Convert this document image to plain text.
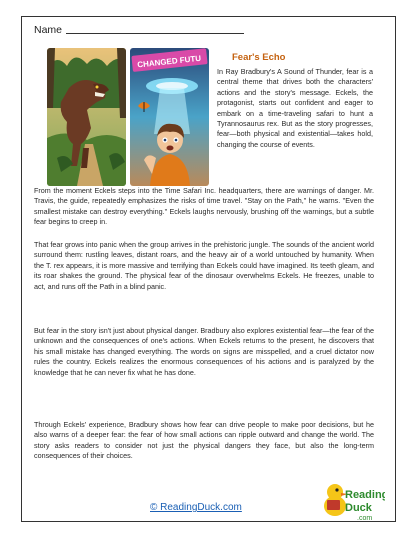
Name
CHANGED FUTU	Fear's Echo

In Ray Bradbury's A Sound of Thunder, fear is a central theme that drives both the characters' actions and the story's message. Eckels, the protagonist, starts out confident and eager to embark on a time-traveling safari to hunt a Tyrannosaurus rex. But as the story progresses, fear—both physical and existential—takes hold, changing the course of events.

From the moment Eckels steps into the Time Safari Inc. headquarters, there are warnings of danger. Mr. Travis, the guide, repeatedly emphasizes the risks of time travel. "Stay on the Path," he warns. "Even the smallest mistake can destroy everything." Eckels laughs nervously, brushing off the warnings, but a subtle fear begins to creep in.

That fear grows into panic when the group arrives in the prehistoric jungle. The sounds of the ancient world surround them: rustling leaves, distant roars, and the heavy air of a world untouched by humanity. When the T. rex appears, it is more massive and terrifying than Eckels could have imagined. Its teeth gleam, and its roar shakes the ground. The physical fear of the dinosaur overwhelms Eckels. He freezes, unable to act, and runs off the Path in a blind panic.

But fear in the story isn't just about physical danger. Bradbury also explores existential fear—the fear of the unknown and the consequences of one's actions. When Eckels returns to the present, he discovers that his small mistake has changed everything. The words on signs are misspelled, and a cruel dictator now rules the country. Eckels realizes the enormous consequences of his actions and is paralyzed by the knowledge that he can never fix what he has done.

Through Eckels' experience, Bradbury shows how fear can drive people to make poor decisions, but he also warns of a deeper fear: the fear of how small actions can ripple outward and change the world. The story asks readers to consider not just the physical dangers they face, but also the long-term consequences of their choices.

© ReadingDuck.com
Reading
Duck
.com
